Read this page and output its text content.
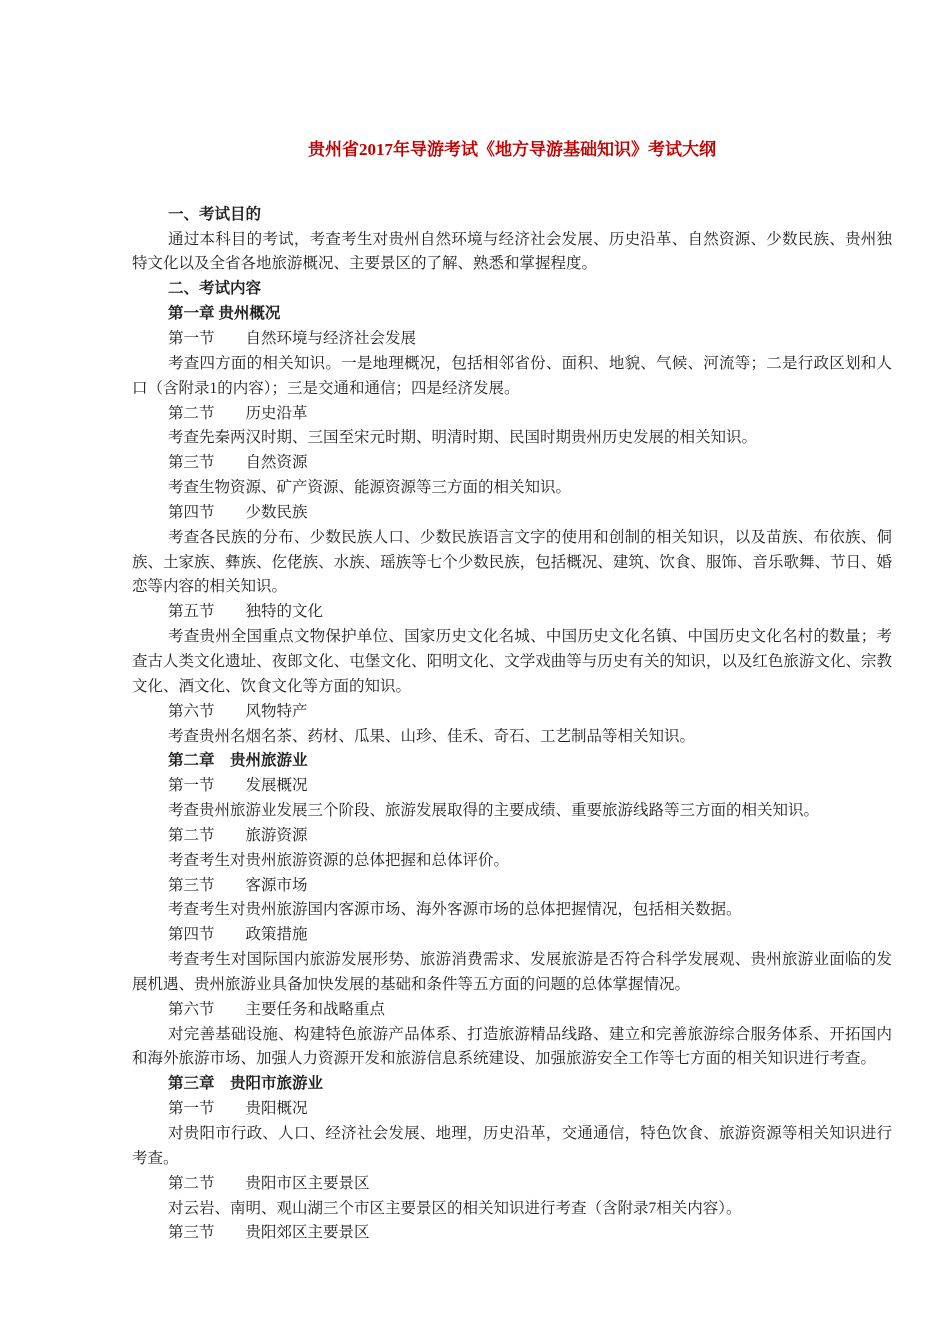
贵州省2017年导游考试《地方导游基础知识》考试大纲

一、考试目的

通过本科目的考试，考查考生对贵州自然环境与经济社会发展、历史沿革、自然资源、少数民族、贵州独特文化以及全省各地旅游概况、主要景区的了解、熟悉和掌握程度。

二、考试内容

第一章 贵州概况

第一节　　自然环境与经济社会发展

考查四方面的相关知识。一是地理概况，包括相邻省份、面积、地貌、气候、河流等；二是行政区划和人口（含附录1的内容）；三是交通和通信；四是经济发展。

第二节　　历史沿革

考查先秦两汉时期、三国至宋元时期、明清时期、民国时期贵州历史发展的相关知识。

第三节　　自然资源

考查生物资源、矿产资源、能源资源等三方面的相关知识。

第四节　　少数民族

考查各民族的分布、少数民族人口、少数民族语言文字的使用和创制的相关知识，以及苗族、布依族、侗族、土家族、彝族、仡佬族、水族、瑶族等七个少数民族，包括概况、建筑、饮食、服饰、音乐歌舞、节日、婚恋等内容的相关知识。

第五节　　独特的文化

考查贵州全国重点文物保护单位、国家历史文化名城、中国历史文化名镇、中国历史文化名村的数量；考查古人类文化遗址、夜郎文化、屯堡文化、阳明文化、文学戏曲等与历史有关的知识，以及红色旅游文化、宗教文化、酒文化、饮食文化等方面的知识。

第六节　　风物特产

考查贵州名烟名茶、药材、瓜果、山珍、佳禾、奇石、工艺制品等相关知识。

第二章　贵州旅游业

第一节　　发展概况

考查贵州旅游业发展三个阶段、旅游发展取得的主要成绩、重要旅游线路等三方面的相关知识。

第二节　　旅游资源

考查考生对贵州旅游资源的总体把握和总体评价。

第三节　　客源市场

考查考生对贵州旅游国内客源市场、海外客源市场的总体把握情况，包括相关数据。

第四节　　政策措施

考查考生对国际国内旅游发展形势、旅游消费需求、发展旅游是否符合科学发展观、贵州旅游业面临的发展机遇、贵州旅游业具备加快发展的基础和条件等五方面的问题的总体掌握情况。

第六节　　主要任务和战略重点

对完善基础设施、构建特色旅游产品体系、打造旅游精品线路、建立和完善旅游综合服务体系、开拓国内和海外旅游市场、加强人力资源开发和旅游信息系统建设、加强旅游安全工作等七方面的相关知识进行考查。

第三章　贵阳市旅游业

第一节　　贵阳概况

对贵阳市行政、人口、经济社会发展、地理，历史沿革，交通通信，特色饮食、旅游资源等相关知识进行考查。

第二节　　贵阳市区主要景区

对云岩、南明、观山湖三个市区主要景区的相关知识进行考查（含附录7相关内容）。

第三节　　贵阳郊区主要景区
